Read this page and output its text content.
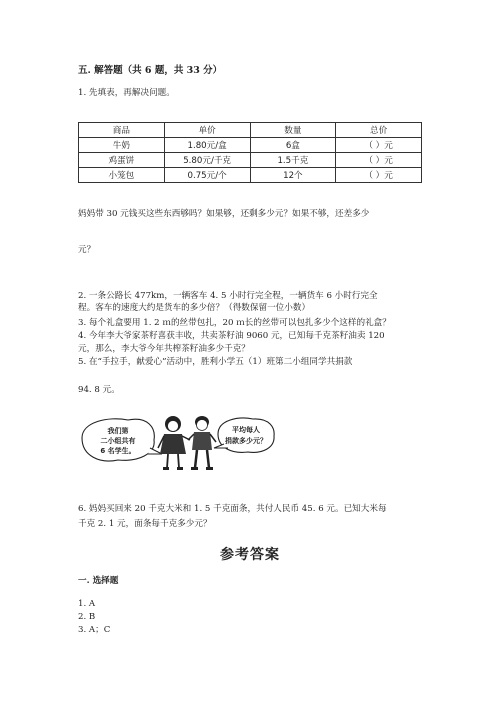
五. 解答题（共 6 题，共 33 分）
1. 先填表，再解决问题。
商品	单价	数量	总价
牛奶	1.80元/盒	6盒	（ ）元
鸡蛋饼	5.80元/千克	1.5千克	（ ）元
小笼包	0.75元/个	12个	（ ）元
妈妈带 30 元钱买这些东西够吗？如果够，还剩多少元？如果不够，还差多少
元？
2. 一条公路长 477km，一辆客车 4. 5 小时行完全程，一辆货车 6 小时行完全
程。客车的速度大约是货车的多少倍？（得数保留一位小数）
3. 每个礼盒要用 1. 2 ｍ的丝带包扎，20 ｍ长的丝带可以包扎多少个这样的礼盒？
4. 今年李大爷家茶籽喜获丰收，共卖茶籽油 9060 元，已知每千克茶籽油卖 120
元，那么，李大爷今年共榨茶籽油多少千克？
5. 在“手拉手，献爱心”活动中，胜利小学五（1）班第二小组同学共捐款
94. 8 元。
我们第
二小组共有
6 名学生。
平均每人
捐款多少元？
6. 妈妈买回来 20 千克大米和 1. 5 千克面条，共付人民币 45. 6 元。已知大米每
千克 2. 1 元，面条每千克多少元？
参考答案
一. 选择题
1. A
2. B
3. A；C
